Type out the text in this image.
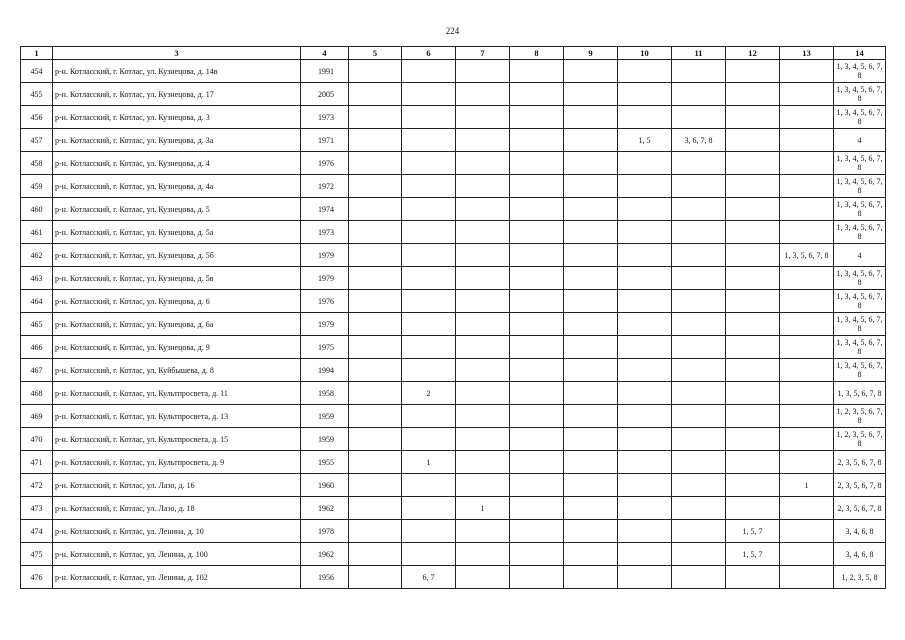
224
1	3	4	5	6	7	8	9	10	11	12	13	14
454	р-н. Котласский, г. Котлас, ул. Кузнецова, д. 14в	1991										1, 3, 4, 5, 6, 7, 8
455	р-н. Котласский, г. Котлас, ул. Кузнецова, д. 17	2005										1, 3, 4, 5, 6, 7, 8
456	р-н. Котласский, г. Котлас, ул. Кузнецова, д. 3	1973										1, 3, 4, 5, 6, 7, 8
457	р-н. Котласский, г. Котлас, ул. Кузнецова, д. 3а	1971						1, 5	3, 6, 7, 8			4
458	р-н. Котласский, г. Котлас, ул. Кузнецова, д. 4	1976										1, 3, 4, 5, 6, 7, 8
459	р-н. Котласский, г. Котлас, ул. Кузнецова, д. 4а	1972										1, 3, 4, 5, 6, 7, 8
460	р-н. Котласский, г. Котлас, ул. Кузнецова, д. 5	1974										1, 3, 4, 5, 6, 7, 8
461	р-н. Котласский, г. Котлас, ул. Кузнецова, д. 5а	1973										1, 3, 4, 5, 6, 7, 8
462	р-н. Котласский, г. Котлас, ул. Кузнецова, д. 5б	1979									1, 3, 5, 6, 7, 8	4
463	р-н. Котласский, г. Котлас, ул. Кузнецова, д. 5в	1979										1, 3, 4, 5, 6, 7, 8
464	р-н. Котласский, г. Котлас, ул. Кузнецова, д. 6	1976										1, 3, 4, 5, 6, 7, 8
465	р-н. Котласский, г. Котлас, ул. Кузнецова, д. 6а	1979										1, 3, 4, 5, 6, 7, 8
466	р-н. Котласский, г. Котлас, ул. Кузнецова, д. 9	1975										1, 3, 4, 5, 6, 7, 8
467	р-н. Котласский, г. Котлас, ул. Куйбышева, д. 8	1994										1, 3, 4, 5, 6, 7, 8
468	р-н. Котласский, г. Котлас, ул. Культпросвета, д. 11	1958		2								1, 3, 5, 6, 7, 8
469	р-н. Котласский, г. Котлас, ул. Культпросвета, д. 13	1959										1, 2, 3, 5, 6, 7, 8
470	р-н. Котласский, г. Котлас, ул. Культпросвета, д. 15	1959										1, 2, 3, 5, 6, 7, 8
471	р-н. Котласский, г. Котлас, ул. Культпросвета, д. 9	1955		1								2, 3, 5, 6, 7, 8
472	р-н. Котласский, г. Котлас, ул. Лазо, д. 16	1960									1	2, 3, 5, 6, 7, 8
473	р-н. Котласский, г. Котлас, ул. Лазо, д. 18	1962			1							2, 3, 5, 6, 7, 8
474	р-н. Котласский, г. Котлас, ул. Ленина, д. 10	1978								1, 5, 7		3, 4, 6, 8
475	р-н. Котласский, г. Котлас, ул. Ленина, д. 100	1962								1, 5, 7		3, 4, 6, 8
476	р-н. Котласский, г. Котлас, ул. Ленина, д. 102	1956		6, 7								1, 2, 3, 5, 8
